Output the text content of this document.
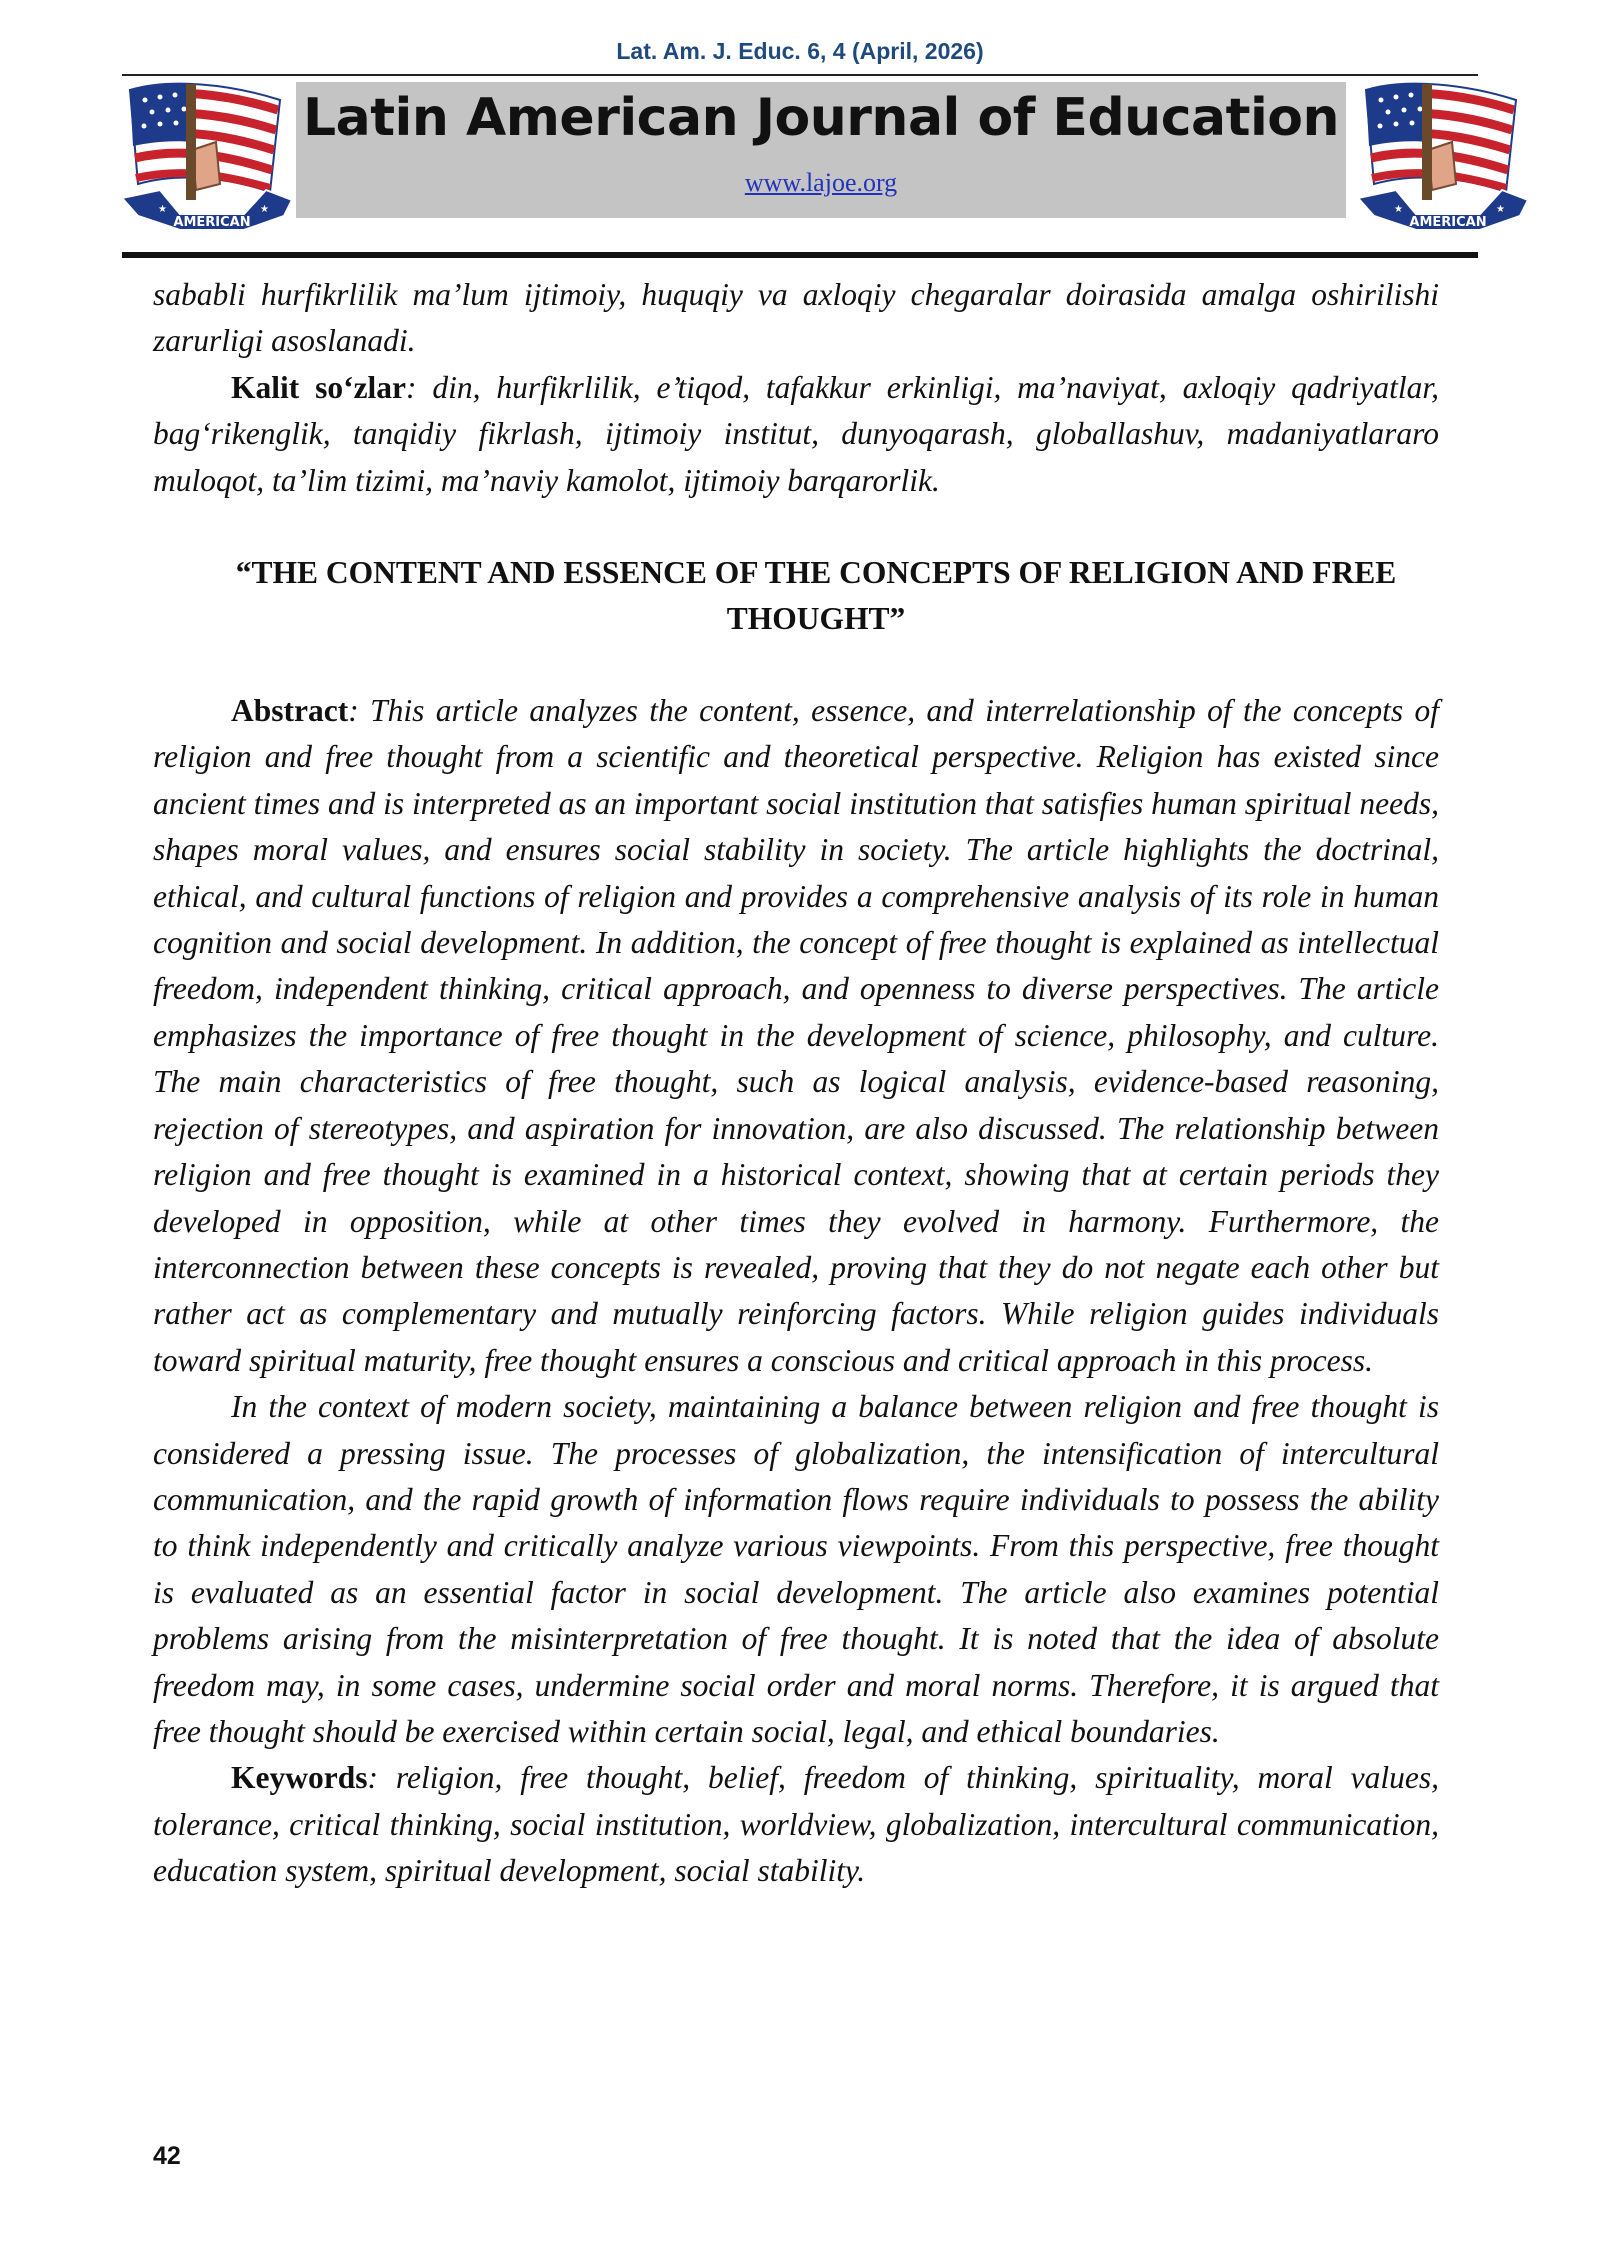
Lat. Am. J. Educ. 6, 4 (April, 2026)
AMERICAN
★	★
Latin American Journal of Education
www.lajoe.org
AMERICAN
★	★

sababli hurfikrlilik ma’lum ijtimoiy, huquqiy va axloqiy chegaralar doirasida amalga oshirilishi zarurligi asoslanadi.

Kalit so‘zlar: din, hurfikrlilik, e’tiqod, tafakkur erkinligi, ma’naviyat, axloqiy qadriyatlar, bag‘rikenglik, tanqidiy fikrlash, ijtimoiy institut, dunyoqarash, globallashuv, madaniyatlararo muloqot, ta’lim tizimi, ma’naviy kamolot, ijtimoiy barqarorlik.

“THE CONTENT AND ESSENCE OF THE CONCEPTS OF RELIGION AND FREE THOUGHT”

Abstract: This article analyzes the content, essence, and interrelationship of the concepts of religion and free thought from a scientific and theoretical perspective. Religion has existed since ancient times and is interpreted as an important social institution that satisfies human spiritual needs, shapes moral values, and ensures social stability in society. The article highlights the doctrinal, ethical, and cultural functions of religion and provides a comprehensive analysis of its role in human cognition and social development. In addition, the concept of free thought is explained as intellectual freedom, independent thinking, critical approach, and openness to diverse perspectives. The article emphasizes the importance of free thought in the development of science, philosophy, and culture. The main characteristics of free thought, such as logical analysis, evidence-based reasoning, rejection of stereotypes, and aspiration for innovation, are also discussed. The relationship between religion and free thought is examined in a historical context, showing that at certain periods they developed in opposition, while at other times they evolved in harmony. Furthermore, the interconnection between these concepts is revealed, proving that they do not negate each other but rather act as complementary and mutually reinforcing factors. While religion guides individuals toward spiritual maturity, free thought ensures a conscious and critical approach in this process.

In the context of modern society, maintaining a balance between religion and free thought is considered a pressing issue. The processes of globalization, the intensification of intercultural communication, and the rapid growth of information flows require individuals to possess the ability to think independently and critically analyze various viewpoints. From this perspective, free thought is evaluated as an essential factor in social development. The article also examines potential problems arising from the misinterpretation of free thought. It is noted that the idea of absolute freedom may, in some cases, undermine social order and moral norms. Therefore, it is argued that free thought should be exercised within certain social, legal, and ethical boundaries.

Keywords: religion, free thought, belief, freedom of thinking, spirituality, moral values, tolerance, critical thinking, social institution, worldview, globalization, intercultural communication, education system, spiritual development, social stability.

42
